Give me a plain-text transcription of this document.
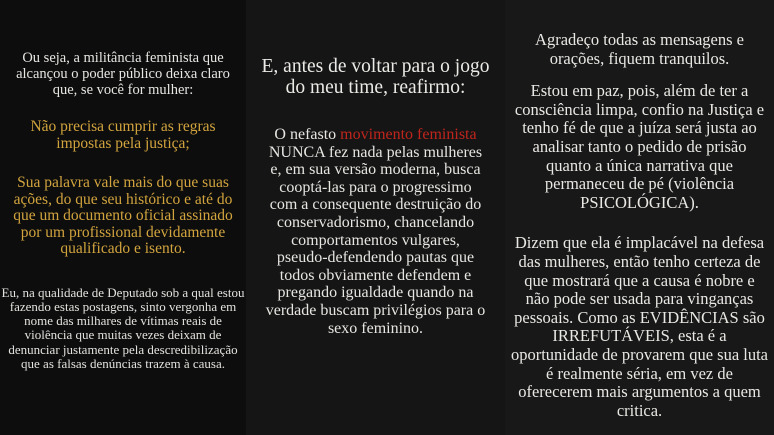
Ou seja, a militância feminista que alcançou o poder público deixa claro que, se você for mulher:

Não precisa cumprir as regras impostas pela justiça;

Sua palavra vale mais do que suas ações, do que seu histórico e até do que um documento oficial assinado por um profissional devidamente qualificado e isento.

Eu, na qualidade de Deputado sob a qual estou fazendo estas postagens, sinto vergonha em nome das milhares de vítimas reais de violência que muitas vezes deixam de denunciar justamente pela descredibilização que as falsas denúncias trazem à causa.

E, antes de voltar para o jogo do meu time, reafirmo:

O nefasto movimento feminista NUNCA fez nada pelas mulheres e, em sua versão moderna, busca cooptá-las para o progressimo com a consequente destruição do conservadorismo, chancelando comportamentos vulgares, pseudo-defendendo pautas que todos obviamente defendem e pregando igualdade quando na verdade buscam privilégios para o sexo feminino.

Agradeço todas as mensagens e orações, fiquem tranquilos.

Estou em paz, pois, além de ter a consciência limpa, confio na Justiça e tenho fé de que a juíza será justa ao analisar tanto o pedido de prisão quanto a única narrativa que permaneceu de pé (violência PSICOLÓGICA).

Dizem que ela é implacável na defesa das mulheres, então tenho certeza de que mostrará que a causa é nobre e não pode ser usada para vinganças pessoais. Como as EVIDÊNCIAS são IRREFUTÁVEIS, esta é a oportunidade de provarem que sua luta é realmente séria, em vez de oferecerem mais argumentos a quem critica.
